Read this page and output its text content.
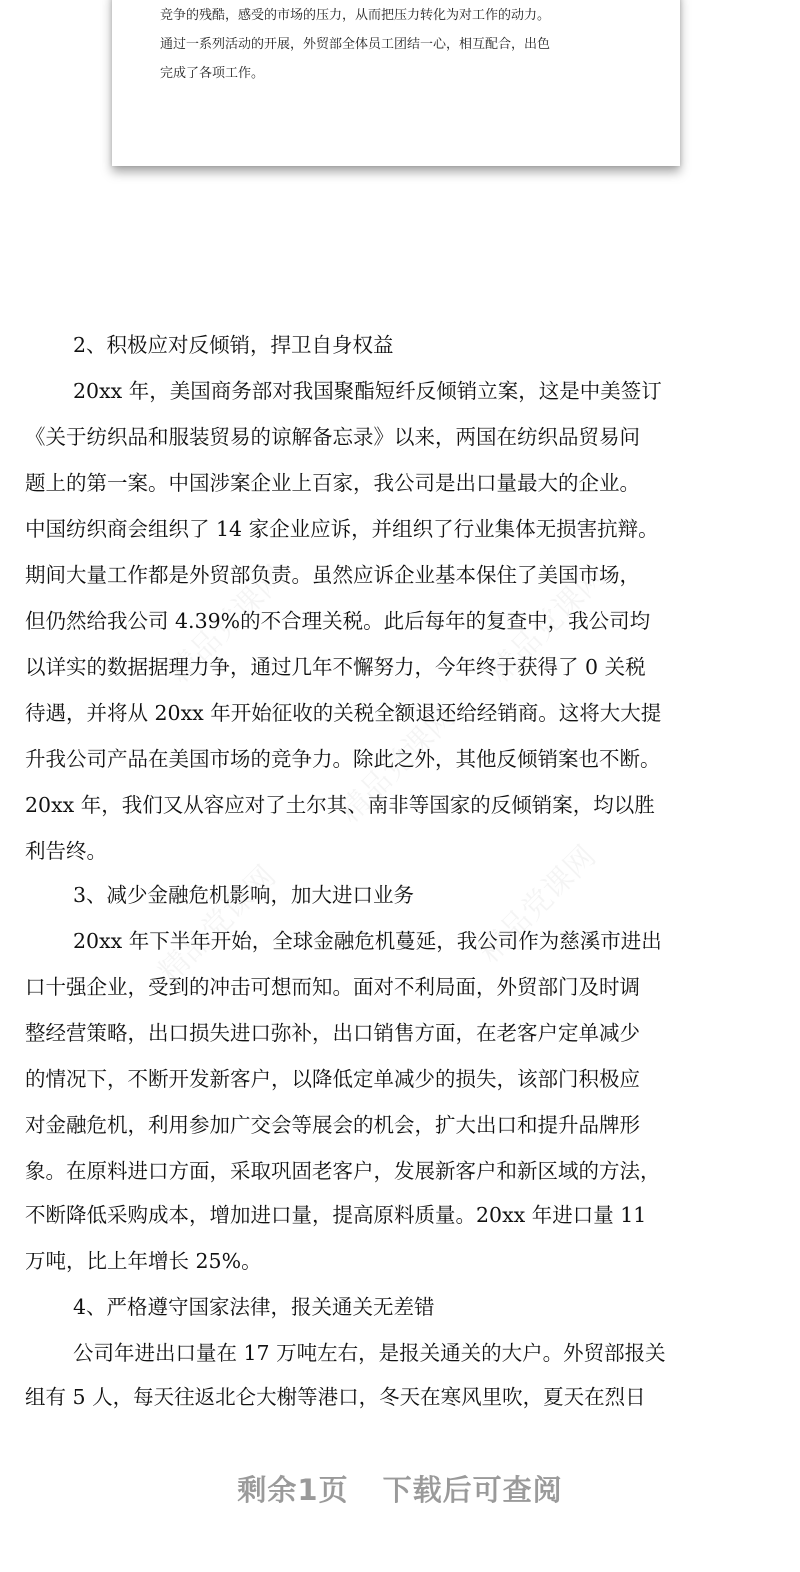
竞争的残酷，感受的市场的压力，从而把压力转化为对工作的动力。
通过一系列活动的开展，外贸部全体员工团结一心，相互配合，出色
完成了各项工作。
2、积极应对反倾销，捍卫自身权益
20xx 年，美国商务部对我国聚酯短纤反倾销立案，这是中美签订
《关于纺织品和服装贸易的谅解备忘录》以来，两国在纺织品贸易问
题上的第一案。中国涉案企业上百家，我公司是出口量最大的企业。
中国纺织商会组织了 14 家企业应诉，并组织了行业集体无损害抗辩。
期间大量工作都是外贸部负责。虽然应诉企业基本保住了美国市场，
但仍然给我公司 4.39%的不合理关税。此后每年的复查中，我公司均
以详实的数据据理力争，通过几年不懈努力，今年终于获得了 0 关税
待遇，并将从 20xx 年开始征收的关税全额退还给经销商。这将大大提
升我公司产品在美国市场的竞争力。除此之外，其他反倾销案也不断。
20xx 年，我们又从容应对了土尔其、南非等国家的反倾销案，均以胜
利告终。
3、减少金融危机影响，加大进口业务
20xx 年下半年开始，全球金融危机蔓延，我公司作为慈溪市进出
口十强企业，受到的冲击可想而知。面对不利局面，外贸部门及时调
整经营策略，出口损失进口弥补，出口销售方面，在老客户定单减少
的情况下，不断开发新客户，以降低定单减少的损失，该部门积极应
对金融危机，利用参加广交会等展会的机会，扩大出口和提升品牌形
象。在原料进口方面，采取巩固老客户，发展新客户和新区域的方法，
不断降低采购成本，增加进口量，提高原料质量。20xx 年进口量 11
万吨，比上年增长 25%。
4、严格遵守国家法律，报关通关无差错
公司年进出口量在 17 万吨左右，是报关通关的大户。外贸部报关
组有 5 人，每天往返北仑大榭等港口，冬天在寒风里吹，夏天在烈日
剩余1页 下载后可查阅
